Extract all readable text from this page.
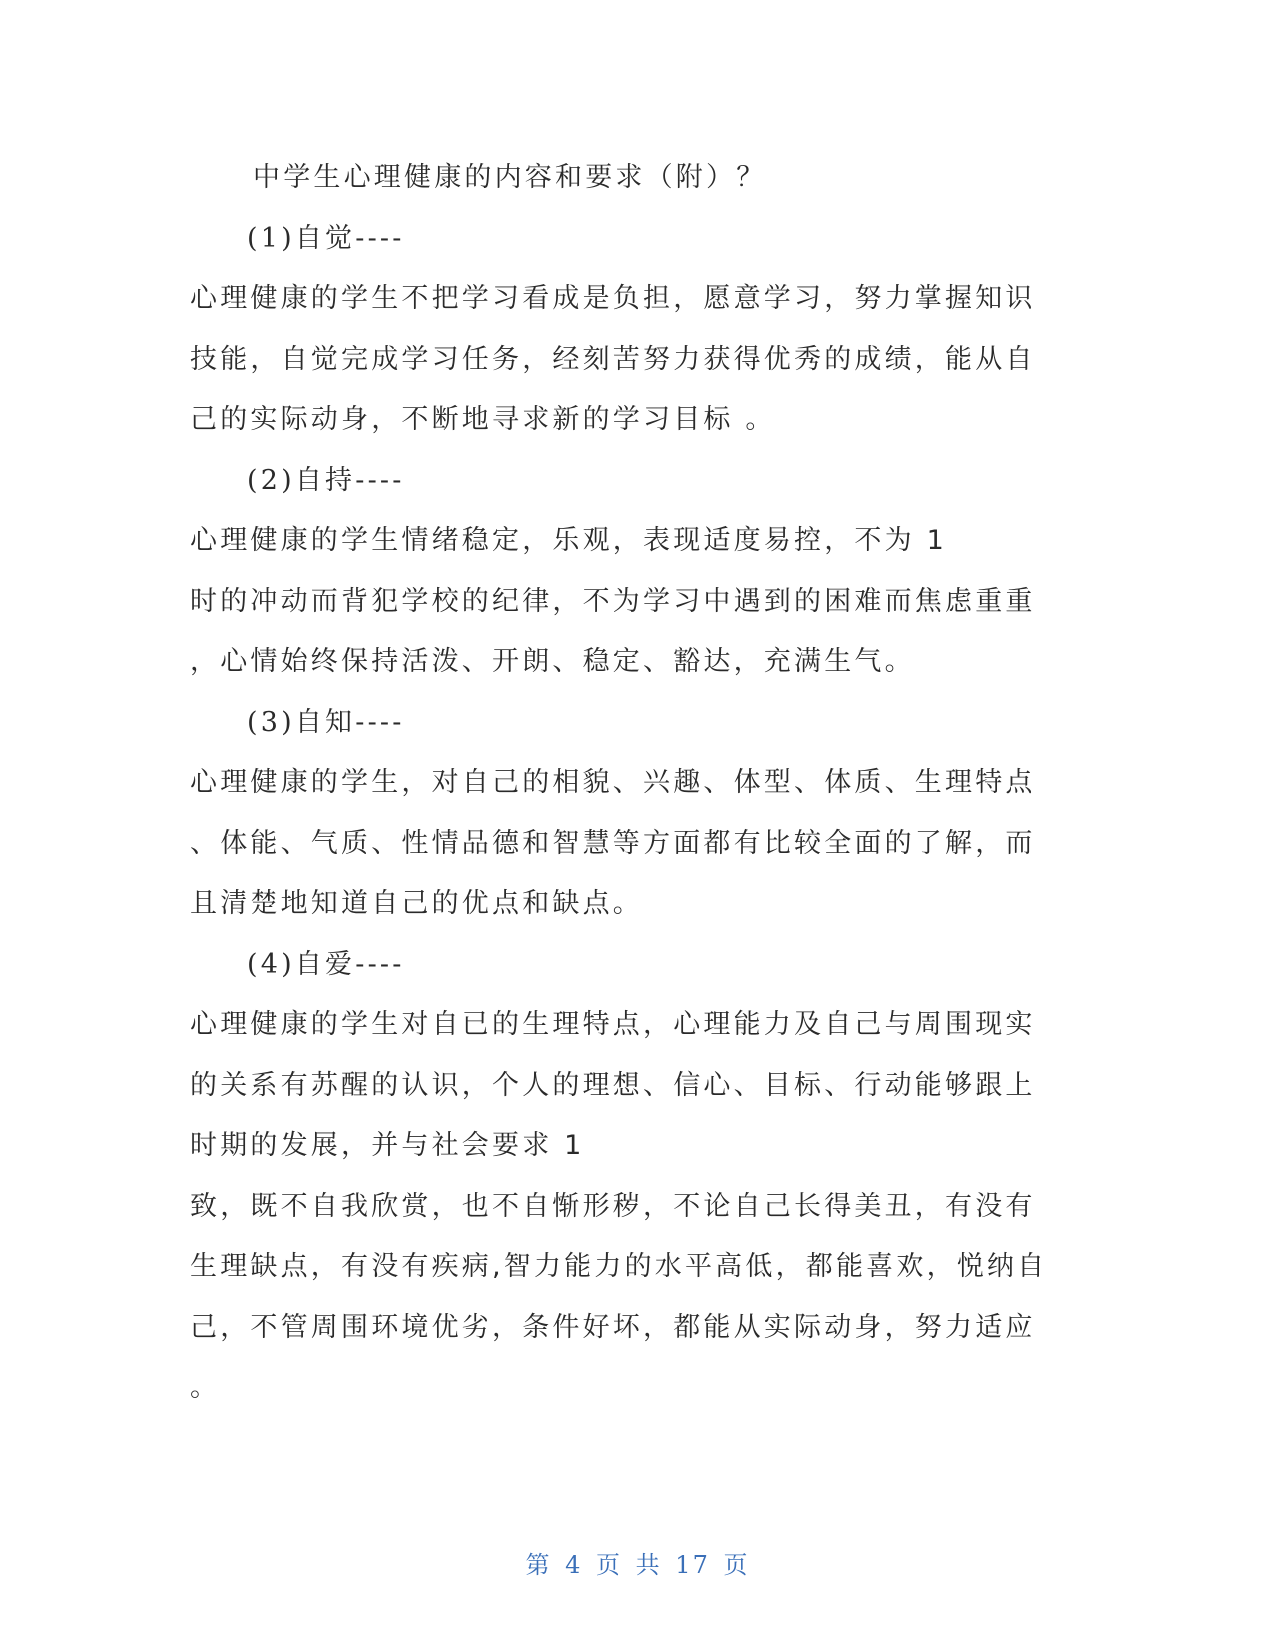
中学生心理健康的内容和要求（附）？
(1)自觉----
心理健康的学生不把学习看成是负担，愿意学习，努力掌握知识
技能，自觉完成学习任务，经刻苦努力获得优秀的成绩，能从自
己的实际动身，不断地寻求新的学习目标 。
(2)自持----
心理健康的学生情绪稳定，乐观，表现适度易控，不为 1
时的冲动而背犯学校的纪律，不为学习中遇到的困难而焦虑重重
，心情始终保持活泼、开朗、稳定、豁达，充满生气。
(3)自知----
心理健康的学生，对自己的相貌、兴趣、体型、体质、生理特点
、体能、气质、性情品德和智慧等方面都有比较全面的了解，而
且清楚地知道自己的优点和缺点。
(4)自爱----
心理健康的学生对自已的生理特点，心理能力及自己与周围现实
的关系有苏醒的认识，个人的理想、信心、目标、行动能够跟上
时期的发展，并与社会要求 1
致，既不自我欣赏，也不自惭形秽，不论自己长得美丑，有没有
生理缺点，有没有疾病,智力能力的水平高低，都能喜欢，悦纳自
己，不管周围环境优劣，条件好坏，都能从实际动身，努力适应
。
第 4 页 共 17 页
